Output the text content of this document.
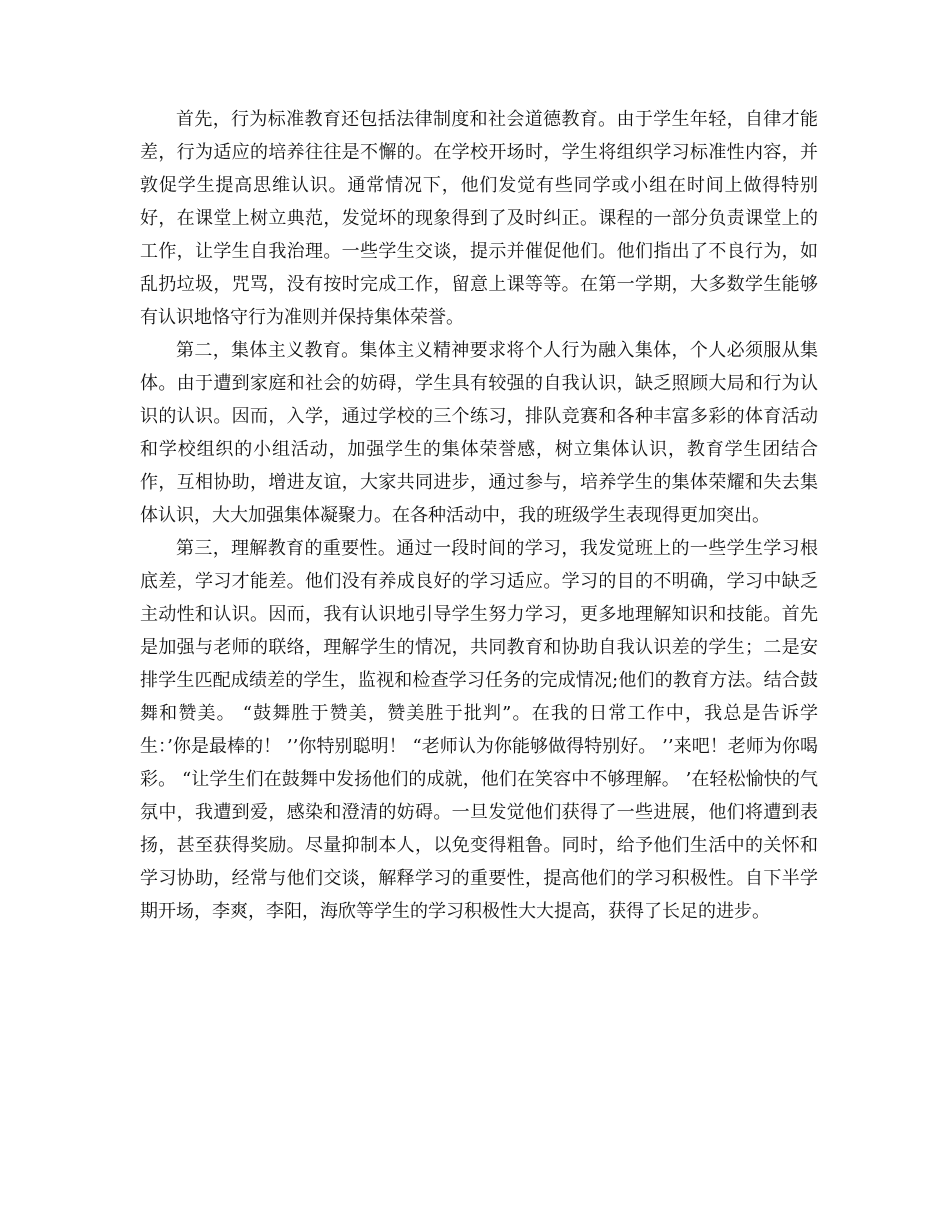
首先，行为标准教育还包括法律制度和社会道德教育。由于学生年轻，自律才能差，行为适应的培养往往是不懈的。在学校开场时，学生将组织学习标准性内容，并敦促学生提高思维认识。通常情况下，他们发觉有些同学或小组在时间上做得特别好，在课堂上树立典范，发觉坏的现象得到了及时纠正。课程的一部分负责课堂上的工作，让学生自我治理。一些学生交谈，提示并催促他们。他们指出了不良行为，如乱扔垃圾，咒骂，没有按时完成工作，留意上课等等。在第一学期，大多数学生能够有认识地恪守行为准则并保持集体荣誉。

第二，集体主义教育。集体主义精神要求将个人行为融入集体，个人必须服从集体。由于遭到家庭和社会的妨碍，学生具有较强的自我认识，缺乏照顾大局和行为认识的认识。因而，入学，通过学校的三个练习，排队竞赛和各种丰富多彩的体育活动和学校组织的小组活动，加强学生的集体荣誉感，树立集体认识，教育学生团结合作，互相协助，增进友谊，大家共同进步，通过参与，培养学生的集体荣耀和失去集体认识，大大加强集体凝聚力。在各种活动中，我的班级学生表现得更加突出。

第三，理解教育的重要性。通过一段时间的学习，我发觉班上的一些学生学习根底差，学习才能差。他们没有养成良好的学习适应。学习的目的不明确，学习中缺乏主动性和认识。因而，我有认识地引导学生努力学习，更多地理解知识和技能。首先是加强与老师的联络，理解学生的情况，共同教育和协助自我认识差的学生；二是安排学生匹配成绩差的学生，监视和检查学习任务的完成情况;他们的教育方法。结合鼓舞和赞美。 “鼓舞胜于赞美，赞美胜于批判”。在我的日常工作中，我总是告诉学生：’你是最棒的！ ’’你特别聪明！ “老师认为你能够做得特别好。 ’’来吧！老师为你喝彩。 “让学生们在鼓舞中发扬他们的成就，他们在笑容中不够理解。 ’在轻松愉快的气氛中，我遭到爱，感染和澄清的妨碍。一旦发觉他们获得了一些进展，他们将遭到表扬，甚至获得奖励。尽量抑制本人，以免变得粗鲁。同时，给予他们生活中的关怀和学习协助，经常与他们交谈，解释学习的重要性，提高他们的学习积极性。自下半学期开场，李爽，李阳，海欣等学生的学习积极性大大提高，获得了长足的进步。
